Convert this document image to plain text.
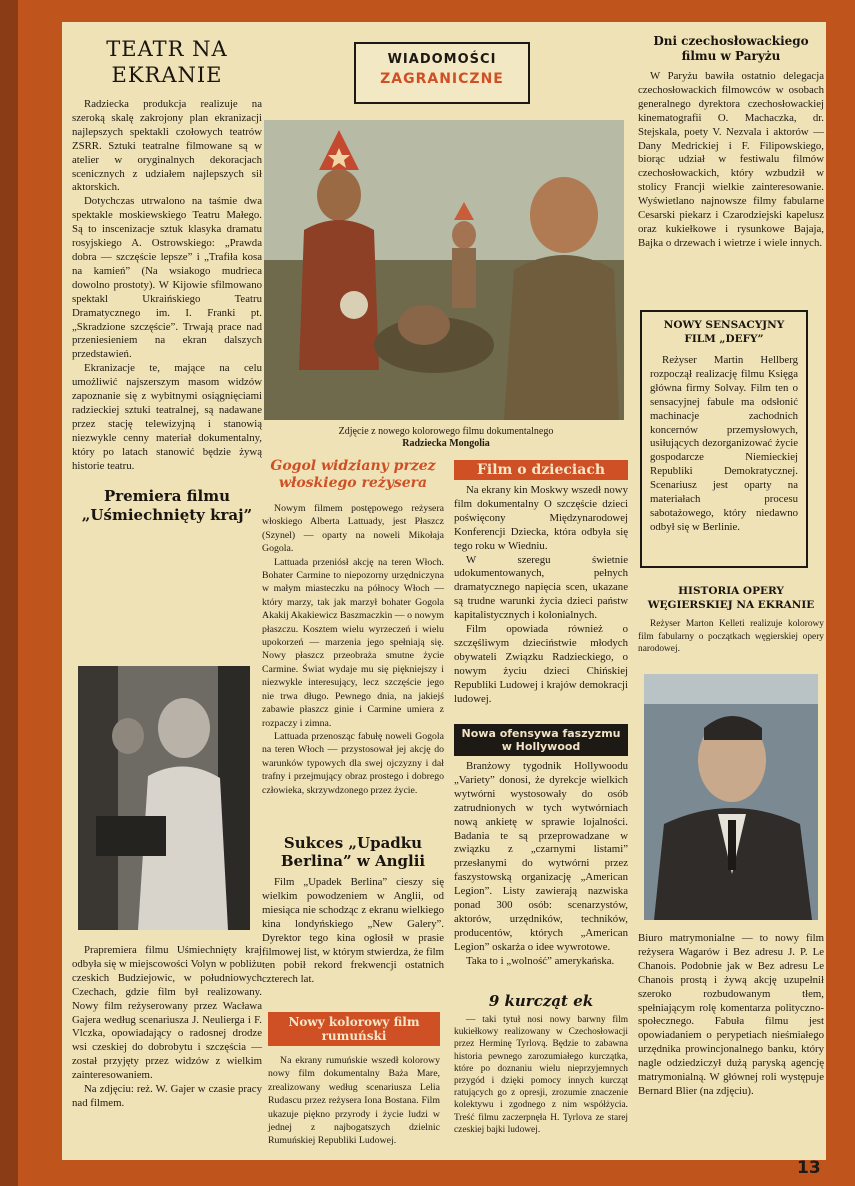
TEATR NA EKRANIE

Radziecka produkcja realizuje na szeroką skalę zakrojony plan ekranizacji najlepszych spektakli czołowych teatrów ZSRR. Sztuki teatralne filmowane są w atelier w oryginalnych dekoracjach scenicznych z udziałem najlepszych sił aktorskich.

Dotychczas utrwalono na taśmie dwa spektakle moskiewskiego Teatru Małego. Są to inscenizacje sztuk klasyka dramatu rosyjskiego A. Ostrowskiego: „Prawda dobra — szczęście lepsze” i „Trafiła kosa na kamień” (Na wsiakogo mudrieca dowolno prostoty). W Kijowie sfilmowano spektakl Ukraińskiego Teatru Dramatycznego im. I. Franki pt. „Skradzione szczęście”. Trwają prace nad przeniesieniem na ekran dalszych przedstawień.

Ekranizacje te, mające na celu umożliwić najszerszym masom widzów zapoznanie się z wybitnymi osiągnięciami radzieckiej sztuki teatralnej, są nadawane przez stację telewizyjną i stanowią niezwykle cenny materiał dokumentalny, który po latach stanowić będzie żywą historie teatru.

Premiera filmu „Uśmiechnięty kraj”

Prapremiera filmu Uśmiechnięty kraj odbyła się w miejscowości Volyn w pobliżu czeskich Budziejowic, w południowych Czechach, gdzie film był realizowany. Nowy film reżyserowany przez Wacława Gajera według scenariusza J. Neulierga i F. Vlczka, opowiadający o radosnej drodze wsi czeskiej do dobrobytu i szczęścia — został przyjęty przez widzów z wielkim zainteresowaniem.

Na zdjęciu: reż. W. Gajer w czasie pracy nad filmem.

WIADOMOŚCI
ZAGRANICZNE
Zdjęcie z nowego kolorowego filmu dokumentalnego
Radziecka Mongolia
Gogol widziany przez włoskiego reżysera

Nowym filmem postępowego reżysera włoskiego Alberta Lattuady, jest Płaszcz (Szynel) — oparty na noweli Mikołaja Gogola.

Lattuada przeniósł akcję na teren Włoch. Bohater Carmine to niepozorny urzędniczyna w małym miasteczku na północy Włoch — który marzy, tak jak marzył bohater Gogola Akakij Akakiewicz Baszmaczkin — o nowym płaszczu. Kosztem wielu wyrzeczeń i wielu upokorzeń — marzenia jego spełniają się. Nowy płaszcz przeobraża smutne życie Carmine. Świat wydaje mu się piękniejszy i niezwykle interesujący, lecz szczęście jego nie trwa długo. Pewnego dnia, na jakiejś zabawie płaszcz ginie i Carmine umiera z rozpaczy i zimna.

Lattuada przenosząc fabułę noweli Gogola na teren Włoch — przystosował jej akcję do warunków typowych dla swej ojczyzny i dał trafny i przejmujący obraz prostego i dobrego człowieka, skrzywdzonego przez życie.

Sukces „Upadku Berlina” w Anglii

Film „Upadek Berlina” cieszy się wielkim powodzeniem w Anglii, od miesiąca nie schodząc z ekranu wielkiego kina londyńskiego „New Galery”. Dyrektor tego kina ogłosił w prasie filmowej list, w którym stwierdza, że film ten pobił rekord frekwencji ostatnich czterech lat.

Nowy kolorowy film rumuński

Na ekrany rumuńskie wszedł kolorowy nowy film dokumentalny Baża Mare, zrealizowany według scenariusza Lelia Rudascu przez reżysera Iona Bostana. Film ukazuje piękno przyrody i życie ludzi w jednej z najbogatszych dzielnic Rumuńskiej Republiki Ludowej.

Film o dzieciach

Na ekrany kin Moskwy wszedł nowy film dokumentalny O szczęście dzieci poświęcony Międzynarodowej Konferencji Dziecka, która odbyła się tego roku w Wiedniu.

W szeregu świetnie udokumentowanych, pełnych dramatycznego napięcia scen, ukazane są trudne warunki życia dzieci państw kapitalistycznych i kolonialnych.

Film opowiada również o szczęśliwym dzieciństwie młodych obywateli Związku Radzieckiego, o nowym życiu dzieci Chińskiej Republiki Ludowej i krajów demokracji ludowej.

Nowa ofensywa faszyzmu w Hollywood

Branżowy tygodnik Hollywoodu „Variety” donosi, że dyrekcje wielkich wytwórni wystosowały do osób zatrudnionych w tych wytwórniach nową ankietę w sprawie lojalności. Badania te są przeprowadzane w związku z „czarnymi listami” przesłanymi do wytwórni przez faszystowską organizację „American Legion”. Listy zawierają nazwiska ponad 300 osób: scenarzystów, aktorów, urzędników, techników, producentów, których „American Legion” oskarża o idee wywrotowe.

Taka to i „wolność” amerykańska.

9 kurcząt ek

— taki tytuł nosi nowy barwny film kukiełkowy realizowany w Czechosłowacji przez Herminę Tyrlovą. Będzie to zabawna historia pewnego zarozumiałego kurczątka, które po doznaniu wielu nieprzyjemnych przygód i dzięki pomocy innych kurcząt ratujących go z opresji, zrozumie znaczenie kolektywu i zgodnego z nim współżycia. Treść filmu zaczerpnęła H. Tyrlova ze starej czeskiej bajki ludowej.

Dni czechosłowackiego filmu w Paryżu

W Paryżu bawiła ostatnio delegacja czechosłowackich filmowców w osobach generalnego dyrektora czechosłowackiej kinematografii O. Machaczka, dr. Stejskala, poety V. Nezvala i aktorów — Dany Medrickiej i F. Filipowskiego, biorąc udział w festiwalu filmów czechosłowackich, który wzbudził w stolicy Francji wielkie zainteresowanie. Wyświetlano najnowsze filmy fabularne Cesarski piekarz i Czarodziejski kapelusz oraz kukiełkowe i rysunkowe Bajaja, Bajka o drzewach i wietrze i wiele innych.

NOWY SENSACYJNY FILM „DEFY”

Reżyser Martin Hellberg rozpoczął realizację filmu Księga główna firmy Solvay. Film ten o sensacyjnej fabule ma odsłonić machinacje zachodnich koncernów przemysłowych, usiłujących dezorganizować życie gospodarcze Niemieckiej Republiki Demokratycznej. Scenariusz jest oparty na materiałach procesu sabotażowego, który niedawno odbył się w Berlinie.

HISTORIA OPERY WĘGIERSKIEJ NA EKRANIE

Reżyser Marton Kelleti realizuje kolorowy film fabularny o początkach węgierskiej opery narodowej.

Biuro matrymonialne — to nowy film reżysera Wagarów i Bez adresu J. P. Le Chanois. Podobnie jak w Bez adresu Le Chanois prostą i żywą akcję uzupełnił szeroko rozbudowanym tłem, spełniającym rolę komentarza polityczno-społecznego. Fabuła filmu jest opowiadaniem o perypetiach nieśmiałego urzędnika prowincjonalnego banku, który nagle odziedziczył dużą paryską agencję matrymonialną. W głównej roli występuje Bernard Blier (na zdjęciu).

13
